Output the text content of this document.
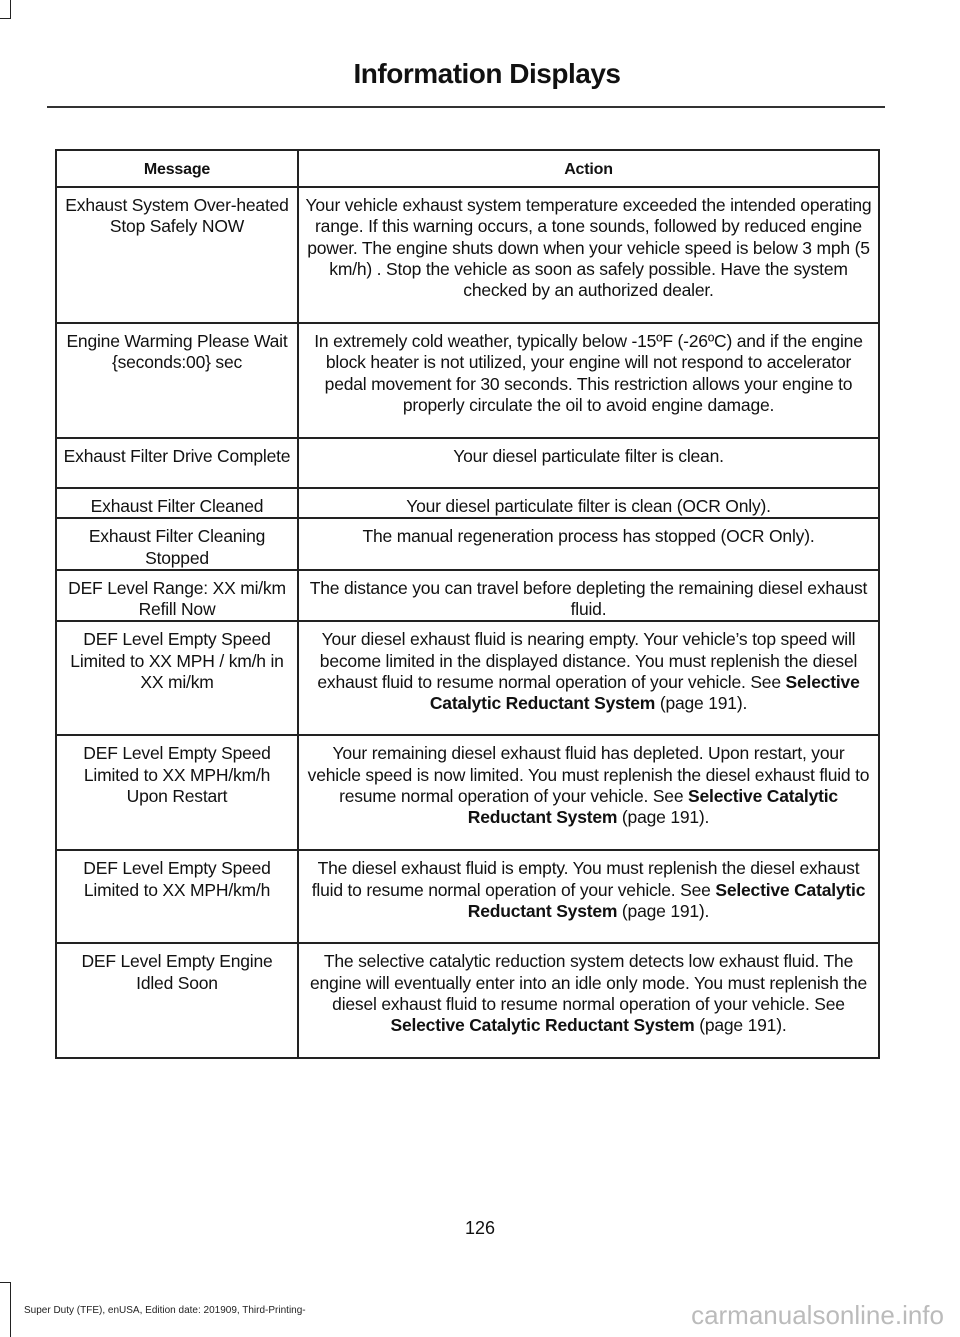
Information Displays
Message	Action
Exhaust System Over-heated Stop Safely NOW	Your vehicle exhaust system temperature exceeded the intended operating range. If this warning occurs, a tone sounds, followed by reduced engine power. The engine shuts down when your vehicle speed is below 3 mph (5 km/h) . Stop the vehicle as soon as safely possible. Have the system checked by an authorized dealer.
Engine Warming Please Wait {seconds:00} sec	In extremely cold weather, typically below -15ºF (-26ºC) and if the engine block heater is not utilized, your engine will not respond to accelerator pedal movement for 30 seconds. This restriction allows your engine to properly circulate the oil to avoid engine damage.
Exhaust Filter Drive Complete	Your diesel particulate filter is clean.
Exhaust Filter Cleaned	Your diesel particulate filter is clean (OCR Only).
Exhaust Filter Cleaning Stopped	The manual regeneration process has stopped (OCR Only).
DEF Level Range: XX mi/km Refill Now	The distance you can travel before depleting the remaining diesel exhaust fluid.
DEF Level Empty Speed Limited to XX MPH / km/h in XX mi/km	Your diesel exhaust fluid is nearing empty. Your vehicle’s top speed will become limited in the displayed distance. You must replenish the diesel exhaust fluid to resume normal operation of your vehicle. See Selective Catalytic Reductant System (page 191).
DEF Level Empty Speed Limited to XX MPH/km/h Upon Restart	Your remaining diesel exhaust fluid has depleted. Upon restart, your vehicle speed is now limited. You must replenish the diesel exhaust fluid to resume normal operation of your vehicle. See Selective Catalytic Reductant System (page 191).
DEF Level Empty Speed Limited to XX MPH/km/h	The diesel exhaust fluid is empty. You must replenish the diesel exhaust fluid to resume normal operation of your vehicle. See Selective Catalytic Reductant System (page 191).
DEF Level Empty Engine Idled Soon	The selective catalytic reduction system detects low exhaust fluid. The engine will eventually enter into an idle only mode. You must replenish the diesel exhaust fluid to resume normal operation of your vehicle. See Selective Catalytic Reductant System (page 191).
126
Super Duty (TFE), enUSA, Edition date: 201909, Third-Printing-	carmanualsonline.info
